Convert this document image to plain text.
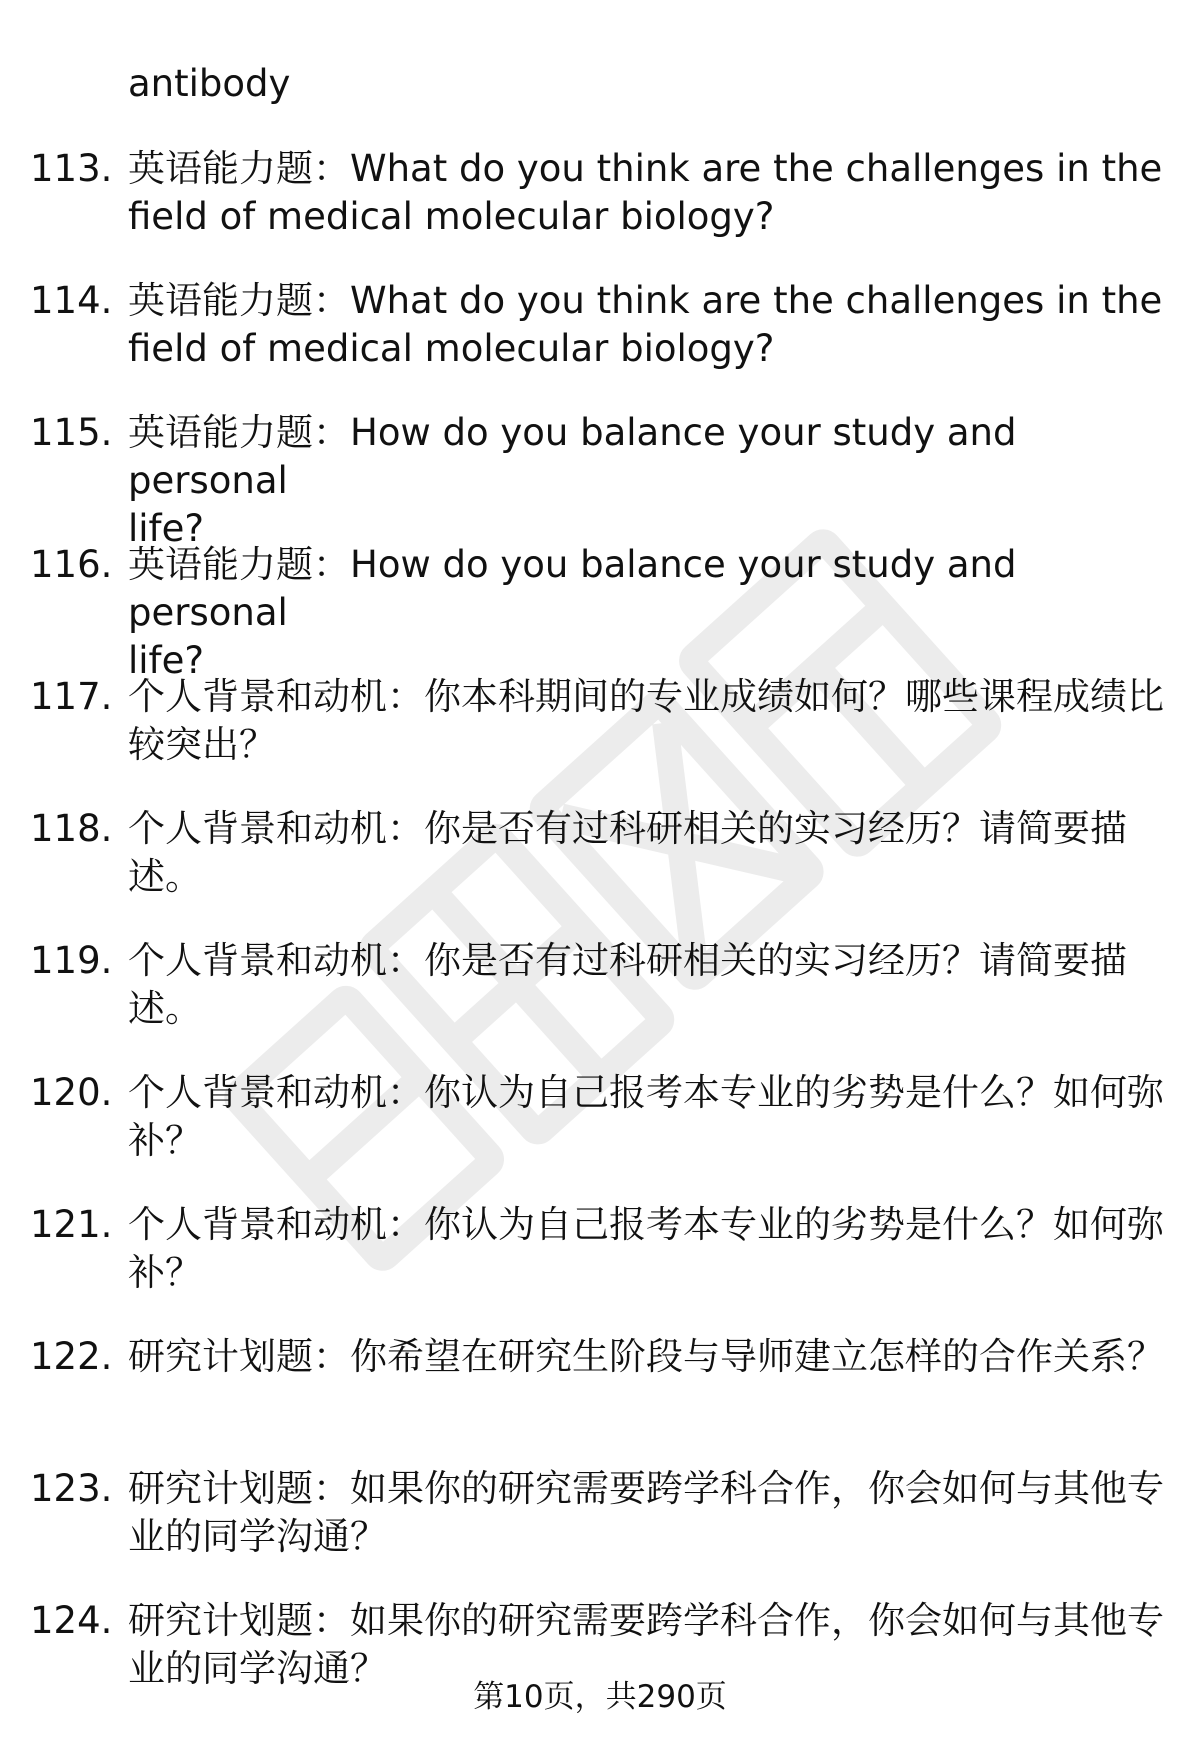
antibody
113. 英语能力题：What do you think are the challenges in the
field of medical molecular biology?
114. 英语能力题：What do you think are the challenges in the
field of medical molecular biology?
115. 英语能力题：How do you balance your study and personal
life?
116. 英语能力题：How do you balance your study and personal
life?
117. 个人背景和动机：你本科期间的专业成绩如何？哪些课程成绩比
较突出？
118. 个人背景和动机：你是否有过科研相关的实习经历？请简要描
述。
119. 个人背景和动机：你是否有过科研相关的实习经历？请简要描
述。
120. 个人背景和动机：你认为自己报考本专业的劣势是什么？如何弥
补？
121. 个人背景和动机：你认为自己报考本专业的劣势是什么？如何弥
补？
122. 研究计划题：你希望在研究生阶段与导师建立怎样的合作关系？
123. 研究计划题：如果你的研究需要跨学科合作，你会如何与其他专
业的同学沟通？
124. 研究计划题：如果你的研究需要跨学科合作，你会如何与其他专
业的同学沟通？
第10页，共290页
